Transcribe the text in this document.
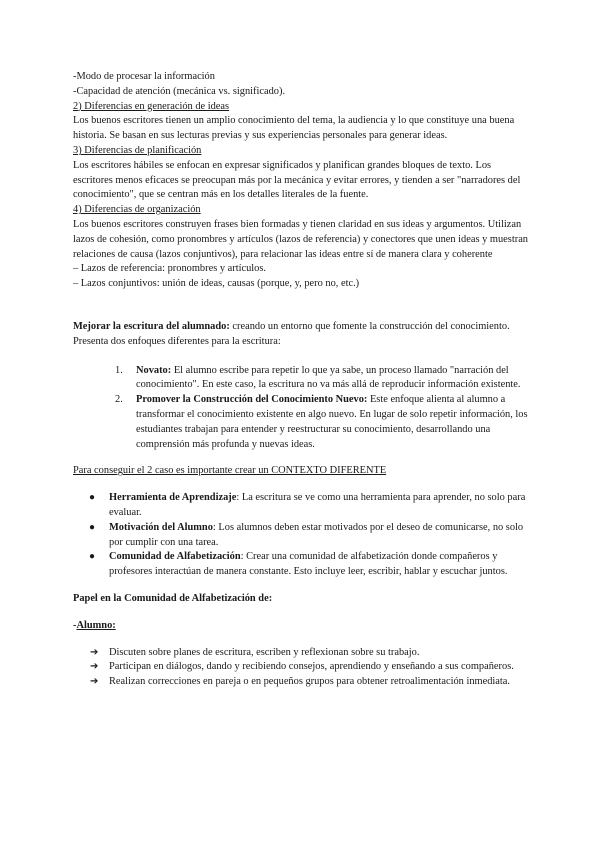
-Modo de procesar la información

-Capacidad de atención (mecánica vs. significado).

2) Diferencias en generación de ideas

Los buenos escritores tienen un amplio conocimiento del tema, la audiencia y lo que constituye una buena historia. Se basan en sus lecturas previas y sus experiencias personales para generar ideas.

3) Diferencias de planificación

Los escritores hábiles se enfocan en expresar significados y planifican grandes bloques de texto. Los escritores menos eficaces se preocupan más por la mecánica y evitar errores, y tienden a ser "narradores del conocimiento", que se centran más en los detalles literales de la fuente.

4) Diferencias de organización

Los buenos escritores construyen frases bien formadas y tienen claridad en sus ideas y argumentos. Utilizan lazos de cohesión, como pronombres y artículos (lazos de referencia) y conectores que unen ideas y muestran relaciones de causa (lazos conjuntivos), para relacionar las ideas entre sí de manera clara y coherente

– Lazos de referencia: pronombres y artículos.

– Lazos conjuntivos: unión de ideas, causas (porque, y, pero no, etc.)

Mejorar la escritura del alumnado: creando un entorno que fomente la construcción del conocimiento. Presenta dos enfoques diferentes para la escritura:

1. Novato: El alumno escribe para repetir lo que ya sabe, un proceso llamado "narración del conocimiento". En este caso, la escritura no va más allá de reproducir información existente.
2. Promover la Construcción del Conocimiento Nuevo: Este enfoque alienta al alumno a transformar el conocimiento existente en algo nuevo. En lugar de solo repetir información, los estudiantes trabajan para entender y reestructurar su conocimiento, desarrollando una comprensión más profunda y nuevas ideas.

Para conseguir el 2 caso es importante crear un CONTEXTO DIFERENTE

● Herramienta de Aprendizaje: La escritura se ve como una herramienta para aprender, no solo para evaluar.
● Motivación del Alumno: Los alumnos deben estar motivados por el deseo de comunicarse, no solo por cumplir con una tarea.
● Comunidad de Alfabetización: Crear una comunidad de alfabetización donde compañeros y profesores interactúan de manera constante. Esto incluye leer, escribir, hablar y escuchar juntos.

Papel en la Comunidad de Alfabetización de:

-Alumno:

➔ Discuten sobre planes de escritura, escriben y reflexionan sobre su trabajo.
➔ Participan en diálogos, dando y recibiendo consejos, aprendiendo y enseñando a sus compañeros.
➔ Realizan correcciones en pareja o en pequeños grupos para obtener retroalimentación inmediata.
